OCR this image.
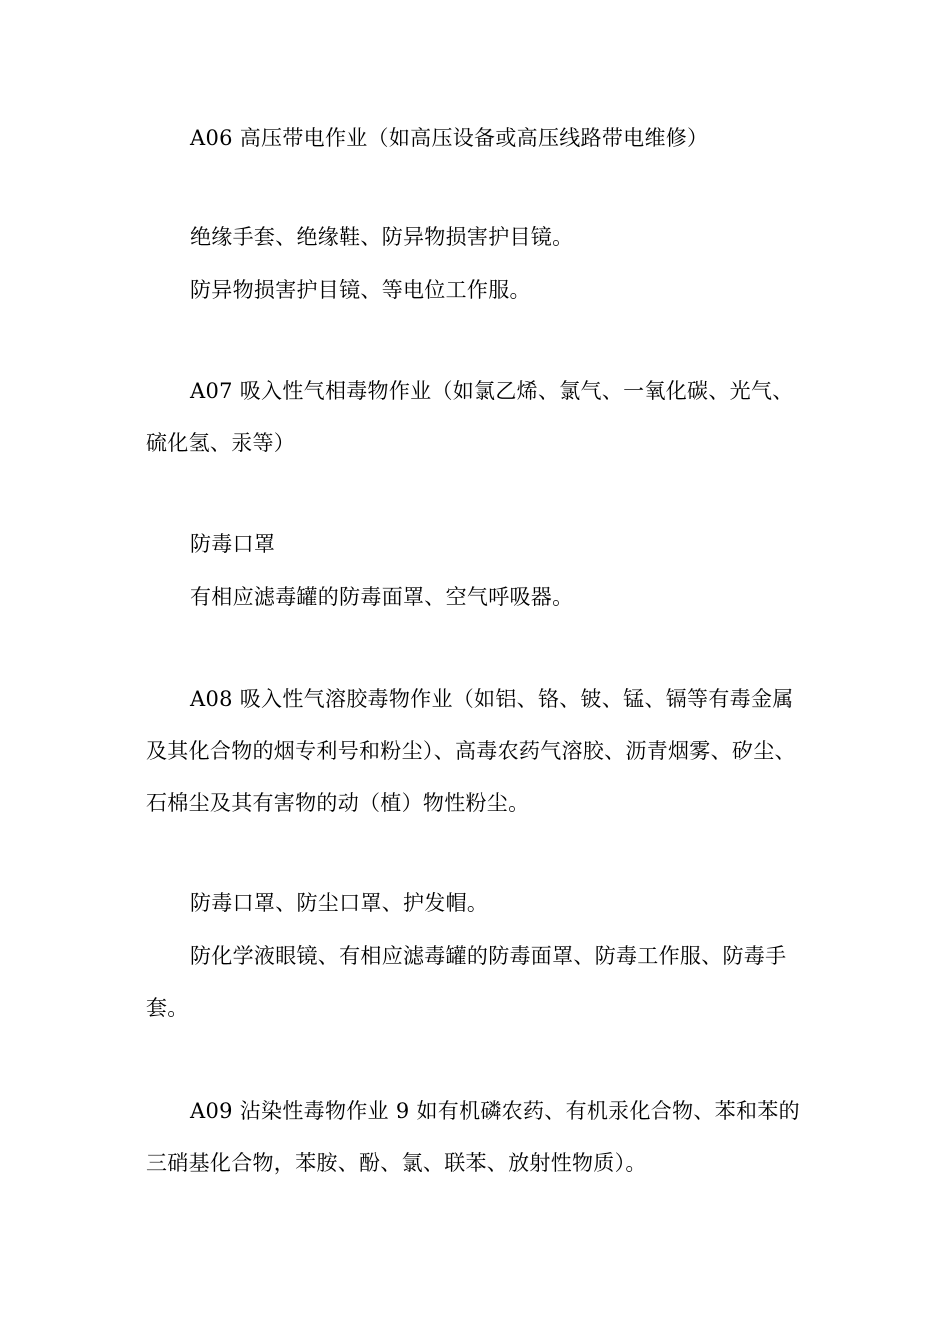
A06 高压带电作业（如高压设备或高压线路带电维修）

绝缘手套、绝缘鞋、防异物损害护目镜。

防异物损害护目镜、等电位工作服。

A07 吸入性气相毒物作业（如氯乙烯、氯气、一氧化碳、光气、硫化氢、汞等）

防毒口罩

有相应滤毒罐的防毒面罩、空气呼吸器。

A08 吸入性气溶胶毒物作业（如铝、铬、铍、锰、镉等有毒金属及其化合物的烟专利号和粉尘）、高毒农药气溶胶、沥青烟雾、矽尘、石棉尘及其有害物的动（植）物性粉尘。

防毒口罩、防尘口罩、护发帽。

防化学液眼镜、有相应滤毒罐的防毒面罩、防毒工作服、防毒手套。

A09 沾染性毒物作业 9 如有机磷农药、有机汞化合物、苯和苯的三硝基化合物，苯胺、酚、氯、联苯、放射性物质）。
